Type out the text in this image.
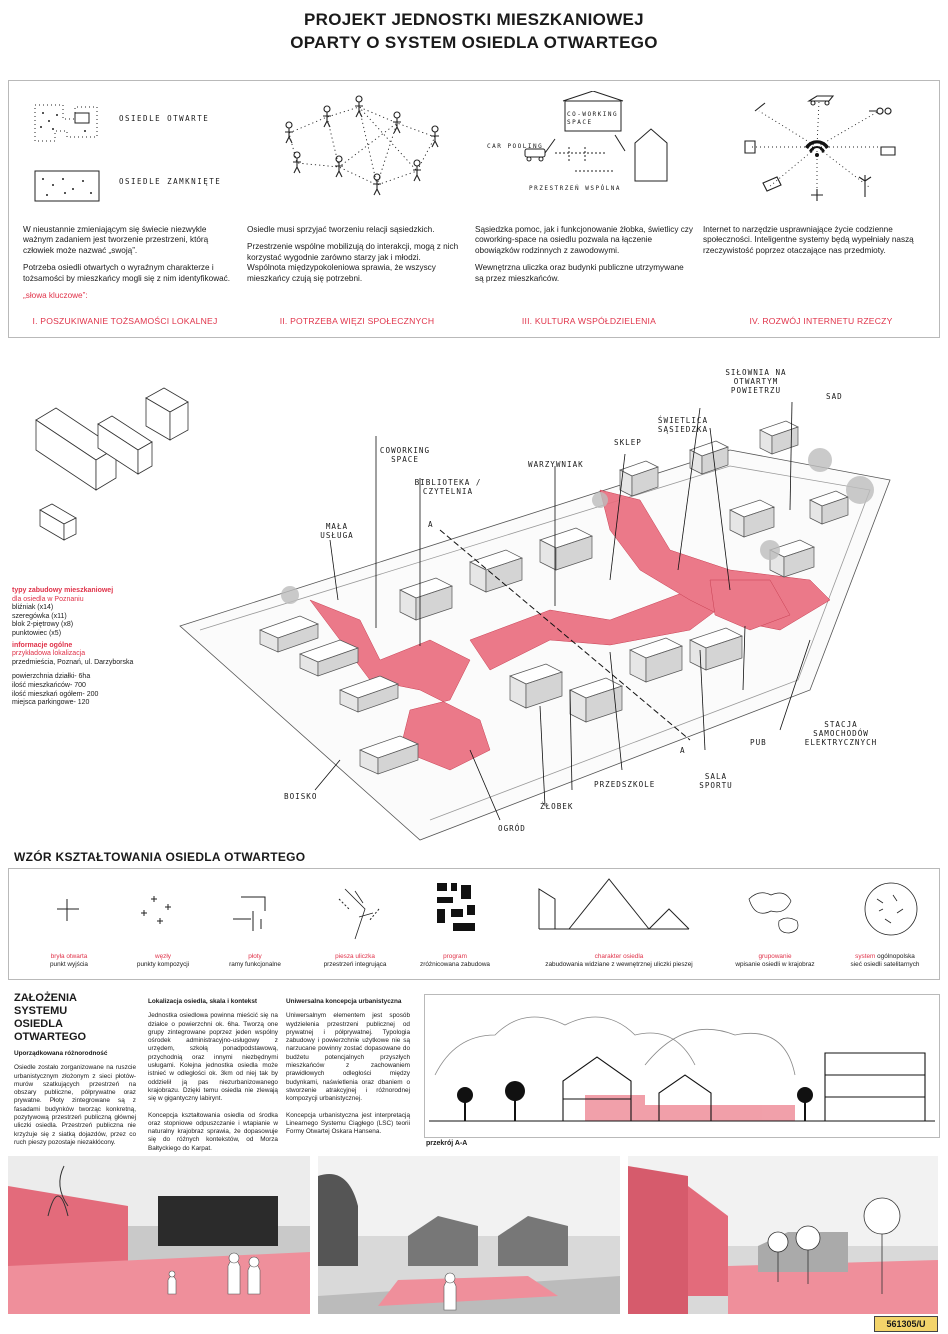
PROJEKT JEDNOSTKI MIESZKANIOWEJ
OPARTY O SYSTEM OSIEDLA OTWARTEGO
OSIEDLE OTWARTE
OSIEDLE ZAMKNIĘTE
CO-WORKING SPACE
CAR POOLING
PRZESTRZEŃ WSPÓLNA

W nieustannie zmieniającym się świecie niezwykle ważnym zadaniem jest tworzenie przestrzeni, którą człowiek może nazwać „swoją”.

Potrzeba osiedli otwartych o wyraźnym charakterze i tożsamości by mieszkańcy mogli się z nim identyfikować.

„słowa kluczowe”:

Osiedle musi sprzyjać tworzeniu relacji sąsiedzkich.

Przestrzenie wspólne mobilizują do interakcji, mogą z nich korzystać wygodnie zarówno starzy jak i młodzi. Wspólnota międzypokoleniowa sprawia, że wszyscy mieszkańcy czują się potrzebni.

Sąsiedzka pomoc, jak i funkcjonowanie żłobka, świetlicy czy coworking-space na osiedlu pozwala na łączenie obowiązków rodzinnych z zawodowymi.

Wewnętrzna uliczka oraz budynki publiczne utrzymywane są przez mieszkańców.

Internet to narzędzie usprawniające życie codzienne społeczności. Inteligentne systemy będą wypełniały naszą rzeczywistość poprzez otaczające nas przedmioty.

I. POSZUKIWANIE TOŻSAMOŚCI LOKALNEJ	II. POTRZEBA WIĘZI SPOŁECZNYCH	III. KULTURA WSPÓŁDZIELENIA	IV. ROZWÓJ INTERNETU RZECZY
typy zabudowy mieszkaniowej
dla osiedla w Poznaniu
bliźniak (x14)
szeregówka (x11)
blok 2-piętrowy (x8)
punktowiec (x5)
informacje ogólne
przykładowa lokalizacja
przedmieścia, Poznań, ul. Darzyborska
powierzchnia działki- 6ha
ilość mieszkańców- 700
ilość mieszkań ogółem- 200
miejsca parkingowe- 120
SIŁOWNIA NA OTWARTYM POWIETRZU
SAD
ŚWIETLICA SĄSIEDZKA
SKLEP
COWORKING SPACE
BIBLIOTEKA / CZYTELNIA
WARZYWNIAK
MAŁA USŁUGA
PUB
STACJA SAMOCHODÓW ELEKTRYCZNYCH
SALA SPORTU
PRZEDSZKOLE
ŻŁOBEK
OGRÓD
BOISKO
A
A
WZÓR KSZTAŁTOWANIA OSIEDLA OTWARTEGO
bryła otwarta
punkt wyjścia
węzły
punkty kompozycji
płoty
ramy funkcjonalne
piesza uliczka
przestrzeń integrująca
program
zróżnicowana zabudowa
charakter osiedla
zabudowania widziane z wewnętrznej uliczki pieszej
grupowanie
wpisanie osiedli w krajobraz
system ogólnopolska
sieć osiedli satelitarnych
ZAŁOŻENIA SYSTEMU OSIEDLA OTWARTEGO
Uporządkowana różnorodność
Osiedle zostało zorganizowane na ruszcie urbanistycznym złożonym z sieci płotów-murów szatkujących przestrzeń na obszary publiczne, półprywatne oraz prywatne. Płoty zintegrowane są z fasadami budynków tworząc konkretną, pozytywową przestrzeń publiczną głównej uliczki osiedla. Przestrzeń publiczna nie krzyżuje się z siatką dojazdów, przez co ruch pieszy pozostaje niezakłócony.
Lokalizacja osiedla, skala i kontekst
Jednostka osiedlowa powinna mieścić się na działce o powierzchni ok. 6ha. Tworzą one grupy zintegrowane poprzez jeden wspólny ośrodek administracyjno-usługowy z urzędem, szkołą ponadpodstawową, przychodnią oraz innymi niezbędnymi usługami. Kolejna jednostka osiedla może istnieć w odległości ok. 3km od niej tak by oddzielił ją pas niezurbanizowanego krajobrazu. Dzięki temu osiedla nie zlewają się w gigantyczny labirynt.
Koncepcja kształtowania osiedla od środka oraz stopniowe odpuszczanie i wtapianie w naturalny krajobraz sprawia, że dopasowuje się do różnych kontekstów, od Morza Bałtyckiego do Karpat.
Uniwersalna koncepcja urbanistyczna
Uniwersalnym elementem jest sposób wydzielenia przestrzeni publicznej od prywatnej i półprywatnej. Typologia zabudowy i powierzchnie użytkowe nie są narzucane powinny zostać dopasowane do budżetu potencjalnych przyszłych mieszkańców z zachowaniem prawidłowych odległości między budynkami, naświetlenia oraz dbaniem o stworzenie atrakcyjnej i różnorodnej kompozycji urbanistycznej.
Koncepcja urbanistyczna jest interpretacją Linearnego Systemu Ciągłego (LSC) teorii Formy Otwartej Oskara Hansena.
przekrój A-A
561305/U
